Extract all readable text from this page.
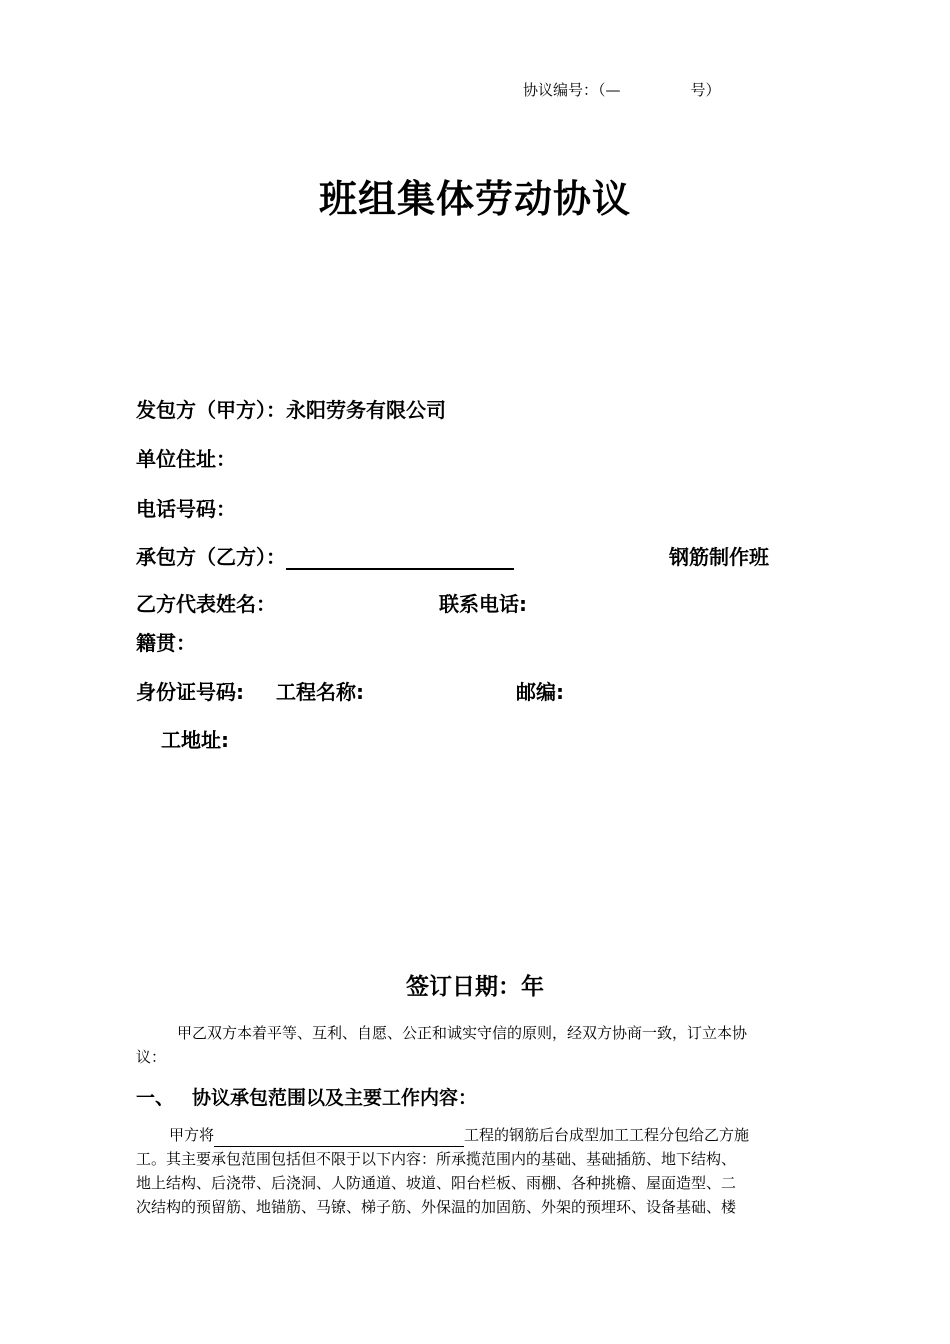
协议编号：（—	号）
班组集体劳动协议
发包方（甲方）：永阳劳务有限公司
单位住址：
电话号码：
承包方（乙方）：	钢筋制作班
乙方代表姓名：	联系电话:
籍贯：
身份证号码: 工程名称:	邮编:
工地址:
签订日期：年

甲乙双方本着平等、互利、自愿、公正和诚实守信的原则，经双方协商一致，订立本协

议：

一、 协议承包范围以及主要工作内容：

甲方将	工程的钢筋后台成型加工工程分包给乙方施

工。其主要承包范围包括但不限于以下内容：所承揽范围内的基础、基础插筋、地下结构、

地上结构、后浇带、后浇洞、人防通道、坡道、阳台栏板、雨棚、各种挑檐、屋面造型、二

次结构的预留筋、地锚筋、马镣、梯子筋、外保温的加固筋、外架的预埋环、设备基础、楼
